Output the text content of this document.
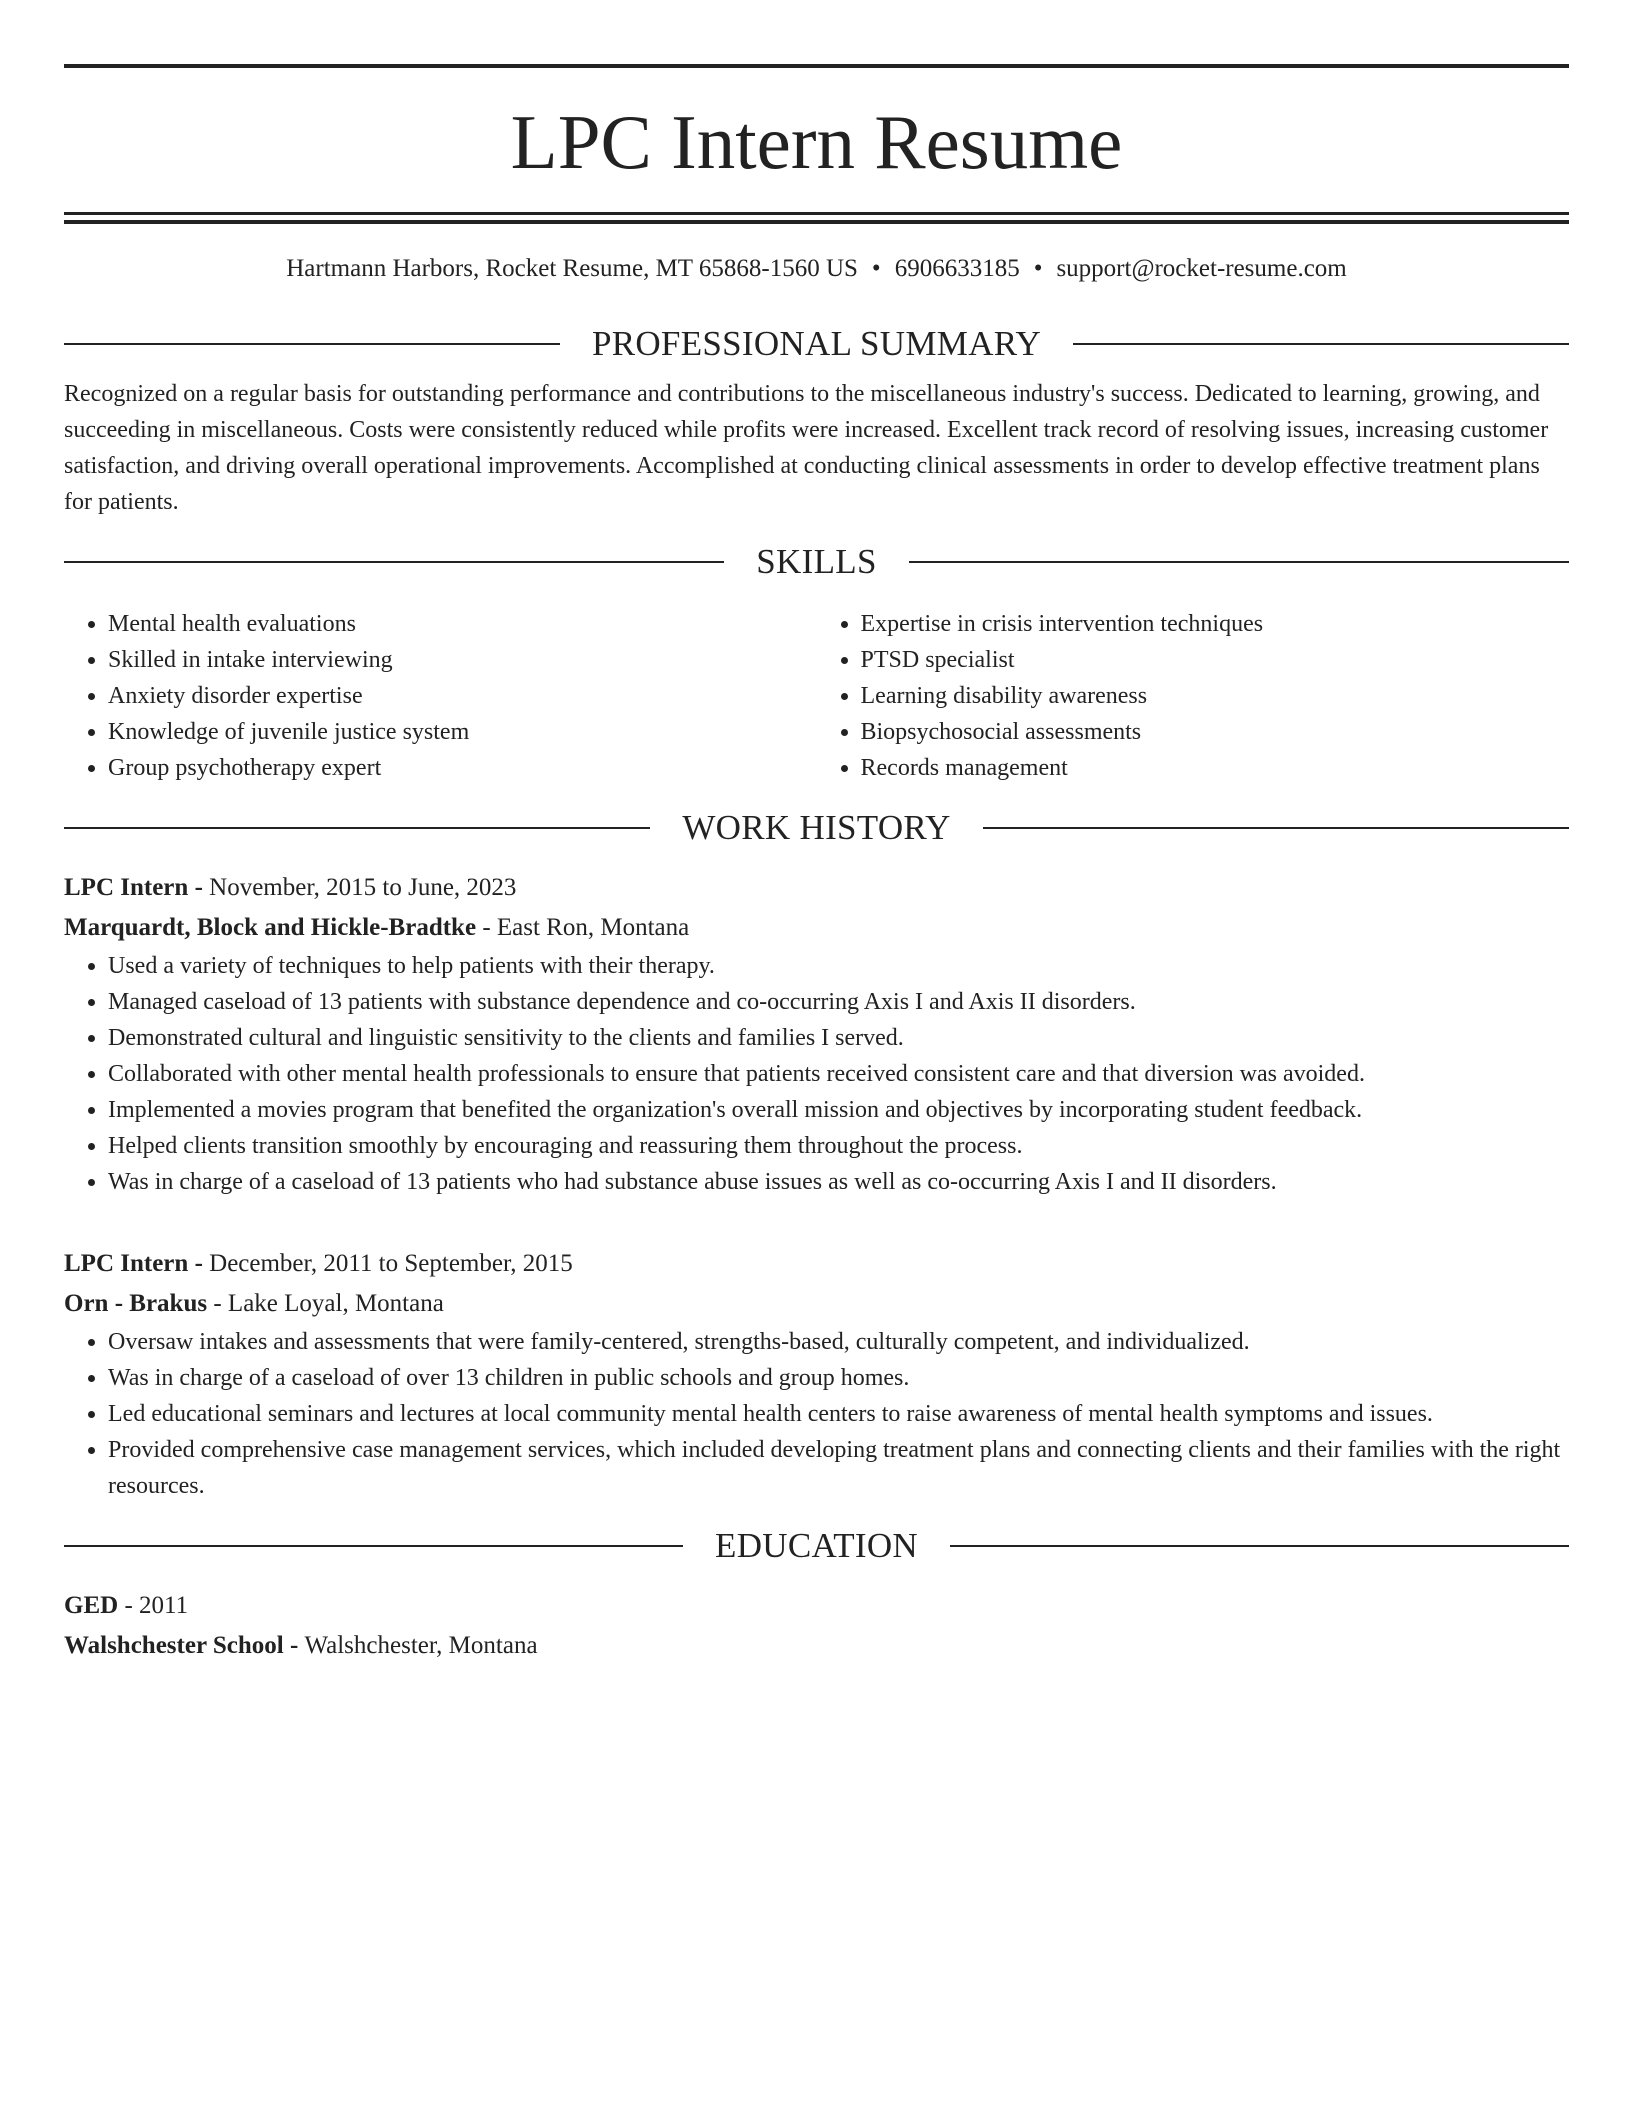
LPC Intern Resume
Hartmann Harbors, Rocket Resume, MT 65868-1560 US • 6906633185 • support@rocket-resume.com
PROFESSIONAL SUMMARY
Recognized on a regular basis for outstanding performance and contributions to the miscellaneous industry's success. Dedicated to learning, growing, and succeeding in miscellaneous. Costs were consistently reduced while profits were increased. Excellent track record of resolving issues, increasing customer satisfaction, and driving overall operational improvements. Accomplished at conducting clinical assessments in order to develop effective treatment plans for patients.
SKILLS
• Mental health evaluations
• Skilled in intake interviewing
• Anxiety disorder expertise
• Knowledge of juvenile justice system
• Group psychotherapy expert
• Expertise in crisis intervention techniques
• PTSD specialist
• Learning disability awareness
• Biopsychosocial assessments
• Records management
WORK HISTORY
LPC Intern - November, 2015 to June, 2023
Marquardt, Block and Hickle-Bradtke - East Ron, Montana
• Used a variety of techniques to help patients with their therapy.
• Managed caseload of 13 patients with substance dependence and co-occurring Axis I and Axis II disorders.
• Demonstrated cultural and linguistic sensitivity to the clients and families I served.
• Collaborated with other mental health professionals to ensure that patients received consistent care and that diversion was avoided.
• Implemented a movies program that benefited the organization's overall mission and objectives by incorporating student feedback.
• Helped clients transition smoothly by encouraging and reassuring them throughout the process.
• Was in charge of a caseload of 13 patients who had substance abuse issues as well as co-occurring Axis I and II disorders.
LPC Intern - December, 2011 to September, 2015
Orn - Brakus - Lake Loyal, Montana
• Oversaw intakes and assessments that were family-centered, strengths-based, culturally competent, and individualized.
• Was in charge of a caseload of over 13 children in public schools and group homes.
• Led educational seminars and lectures at local community mental health centers to raise awareness of mental health symptoms and issues.
• Provided comprehensive case management services, which included developing treatment plans and connecting clients and their families with the right resources.
EDUCATION
GED - 2011
Walshchester School - Walshchester, Montana
